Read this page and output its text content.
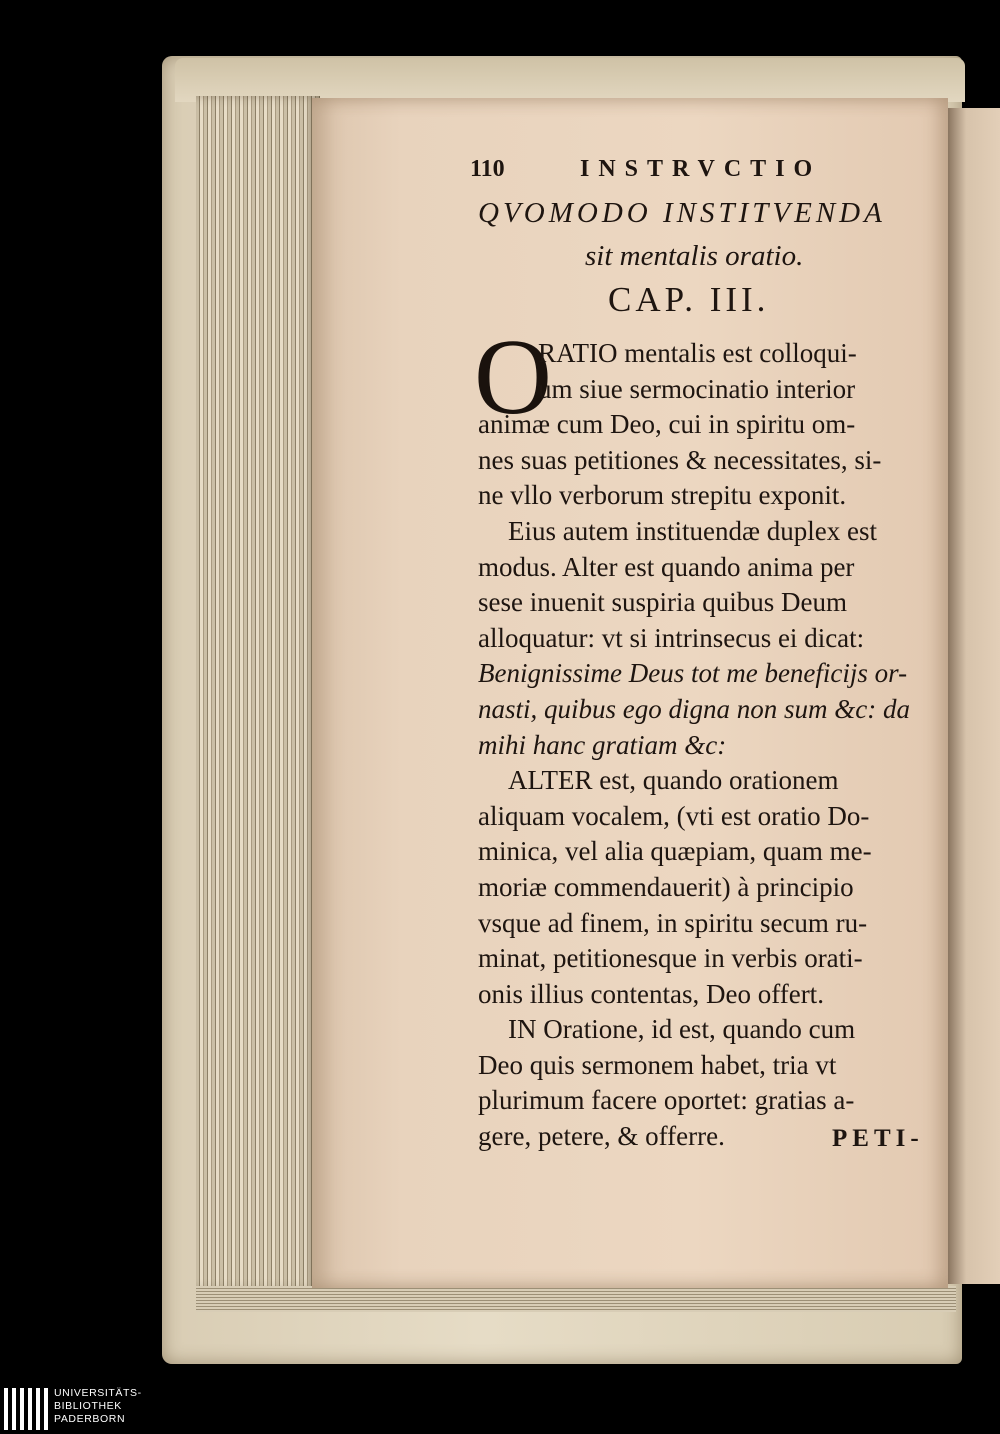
110	INSTRVCTIO
QVOMODO INSTITVENDA
sit mentalis oratio.
CAP. III.
O
RATIO mentalis est colloqui-
um siue sermocinatio interior
animæ cum Deo, cui in spiritu om-
nes suas petitiones & necessitates, si-
ne vllo verborum strepitu exponit.
Eius autem instituendæ duplex est
modus. Alter est quando anima per
sese inuenit suspiria quibus Deum
alloquatur: vt si intrinsecus ei dicat:
Benignissime Deus tot me beneficijs or-
nasti, quibus ego digna non sum &c: da
mihi hanc gratiam &c:
ALTER est, quando orationem
aliquam vocalem, (vti est oratio Do-
minica, vel alia quæpiam, quam me-
moriæ commendauerit) à principio
vsque ad finem, in spiritu secum ru-
minat, petitionesque in verbis orati-
onis illius contentas, Deo offert.
IN Oratione, id est, quando cum
Deo quis sermonem habet, tria vt
plurimum facere oportet: gratias a-
gere, petere, & offerre.	PETI-
UNIVERSITÄTS-
BIBLIOTHEK
PADERBORN
